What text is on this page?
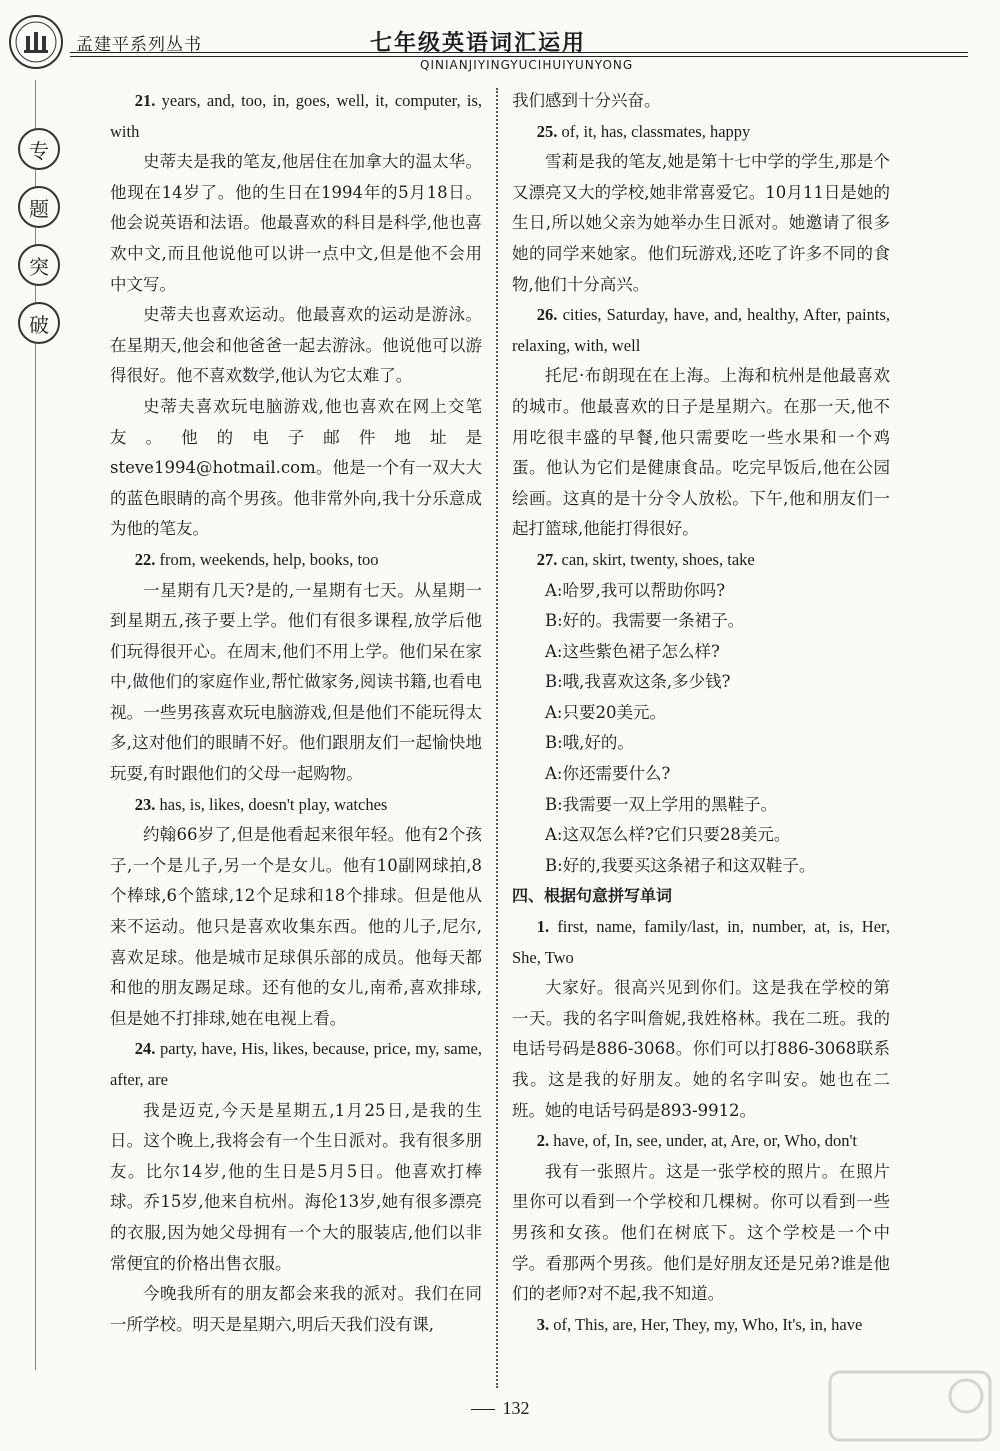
孟建平系列丛书	七年级英语词汇运用
QINIANJIYINGYUCIHUIYUNYONG
专
题
突
破

21. years, and, too, in, goes, well, it, computer, is, with

史蒂夫是我的笔友,他居住在加拿大的温太华。他现在14岁了。他的生日在1994年的5月18日。他会说英语和法语。他最喜欢的科目是科学,他也喜欢中文,而且他说他可以讲一点中文,但是他不会用中文写。

史蒂夫也喜欢运动。他最喜欢的运动是游泳。在星期天,他会和他爸爸一起去游泳。他说他可以游得很好。他不喜欢数学,他认为它太难了。

史蒂夫喜欢玩电脑游戏,他也喜欢在网上交笔友。他的电子邮件地址是steve1994@hotmail.com。他是一个有一双大大的蓝色眼睛的高个男孩。他非常外向,我十分乐意成为他的笔友。

22. from, weekends, help, books, too

一星期有几天?是的,一星期有七天。从星期一到星期五,孩子要上学。他们有很多课程,放学后他们玩得很开心。在周末,他们不用上学。他们呆在家中,做他们的家庭作业,帮忙做家务,阅读书籍,也看电视。一些男孩喜欢玩电脑游戏,但是他们不能玩得太多,这对他们的眼睛不好。他们跟朋友们一起愉快地玩耍,有时跟他们的父母一起购物。

23. has, is, likes, doesn't play, watches

约翰66岁了,但是他看起来很年轻。他有2个孩子,一个是儿子,另一个是女儿。他有10副网球拍,8个棒球,6个篮球,12个足球和18个排球。但是他从来不运动。他只是喜欢收集东西。他的儿子,尼尔,喜欢足球。他是城市足球俱乐部的成员。他每天都和他的朋友踢足球。还有他的女儿,南希,喜欢排球,但是她不打排球,她在电视上看。

24. party, have, His, likes, because, price, my, same, after, are

我是迈克,今天是星期五,1月25日,是我的生日。这个晚上,我将会有一个生日派对。我有很多朋友。比尔14岁,他的生日是5月5日。他喜欢打棒球。乔15岁,他来自杭州。海伦13岁,她有很多漂亮的衣服,因为她父母拥有一个大的服装店,他们以非常便宜的价格出售衣服。

今晚我所有的朋友都会来我的派对。我们在同一所学校。明天是星期六,明后天我们没有课,

我们感到十分兴奋。

25. of, it, has, classmates, happy

雪莉是我的笔友,她是第十七中学的学生,那是个又漂亮又大的学校,她非常喜爱它。10月11日是她的生日,所以她父亲为她举办生日派对。她邀请了很多她的同学来她家。他们玩游戏,还吃了许多不同的食物,他们十分高兴。

26. cities, Saturday, have, and, healthy, After, paints, relaxing, with, well

托尼·布朗现在在上海。上海和杭州是他最喜欢的城市。他最喜欢的日子是星期六。在那一天,他不用吃很丰盛的早餐,他只需要吃一些水果和一个鸡蛋。他认为它们是健康食品。吃完早饭后,他在公园绘画。这真的是十分令人放松。下午,他和朋友们一起打篮球,他能打得很好。

27. can, skirt, twenty, shoes, take

A:哈罗,我可以帮助你吗?

B:好的。我需要一条裙子。

A:这些紫色裙子怎么样?

B:哦,我喜欢这条,多少钱?

A:只要20美元。

B:哦,好的。

A:你还需要什么?

B:我需要一双上学用的黑鞋子。

A:这双怎么样?它们只要28美元。

B:好的,我要买这条裙子和这双鞋子。

四、根据句意拼写单词

1. first, name, family/last, in, number, at, is, Her, She, Two

大家好。很高兴见到你们。这是我在学校的第一天。我的名字叫詹妮,我姓格林。我在二班。我的电话号码是886-3068。你们可以打886-3068联系我。这是我的好朋友。她的名字叫安。她也在二班。她的电话号码是893-9912。

2. have, of, In, see, under, at, Are, or, Who, don't

我有一张照片。这是一张学校的照片。在照片里你可以看到一个学校和几棵树。你可以看到一些男孩和女孩。他们在树底下。这个学校是一个中学。看那两个男孩。他们是好朋友还是兄弟?谁是他们的老师?对不起,我不知道。

3. of, This, are, Her, They, my, Who, It's, in, have

132
